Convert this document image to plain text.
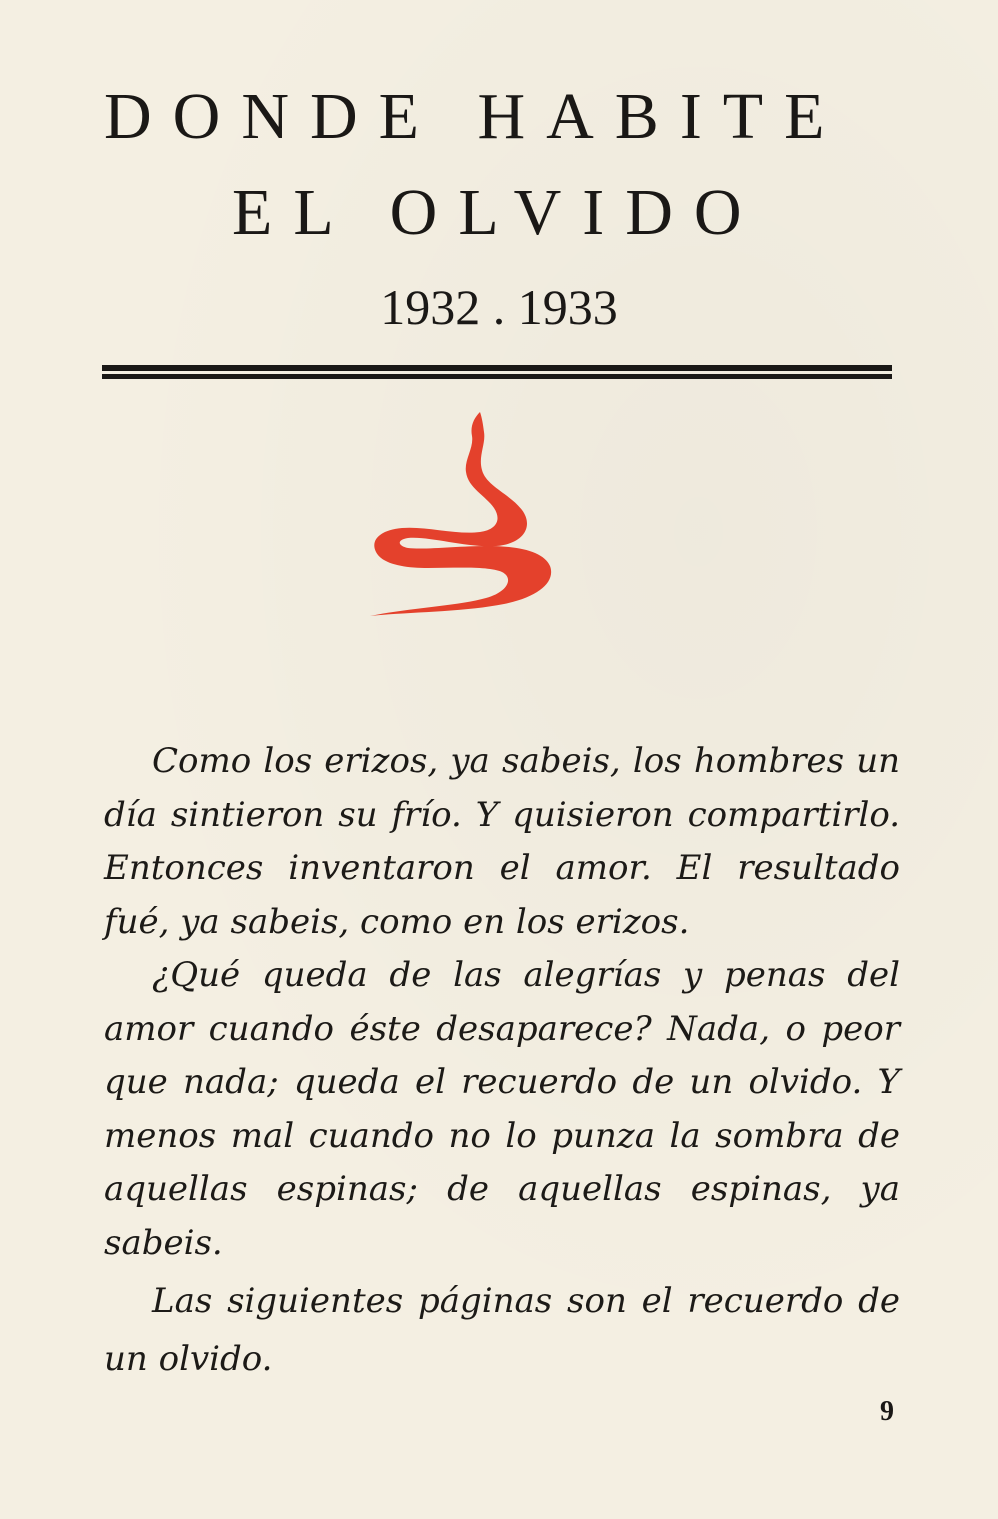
DONDE HABITE
EL OLVIDO
1932 . 1933

Como los erizos, ya sabeis, los hombres un día sintieron su frío. Y quisieron compartirlo. Entonces inventaron el amor. El resultado fué, ya sabeis, como en los erizos.

¿Qué queda de las alegrías y penas del amor cuando éste desaparece? Nada, o peor que nada; queda el recuerdo de un olvido. Y menos mal cuando no lo punza la sombra de aquellas espinas; de aquellas espinas, ya sabeis.

Las siguientes páginas son el recuerdo de un olvido.

9
